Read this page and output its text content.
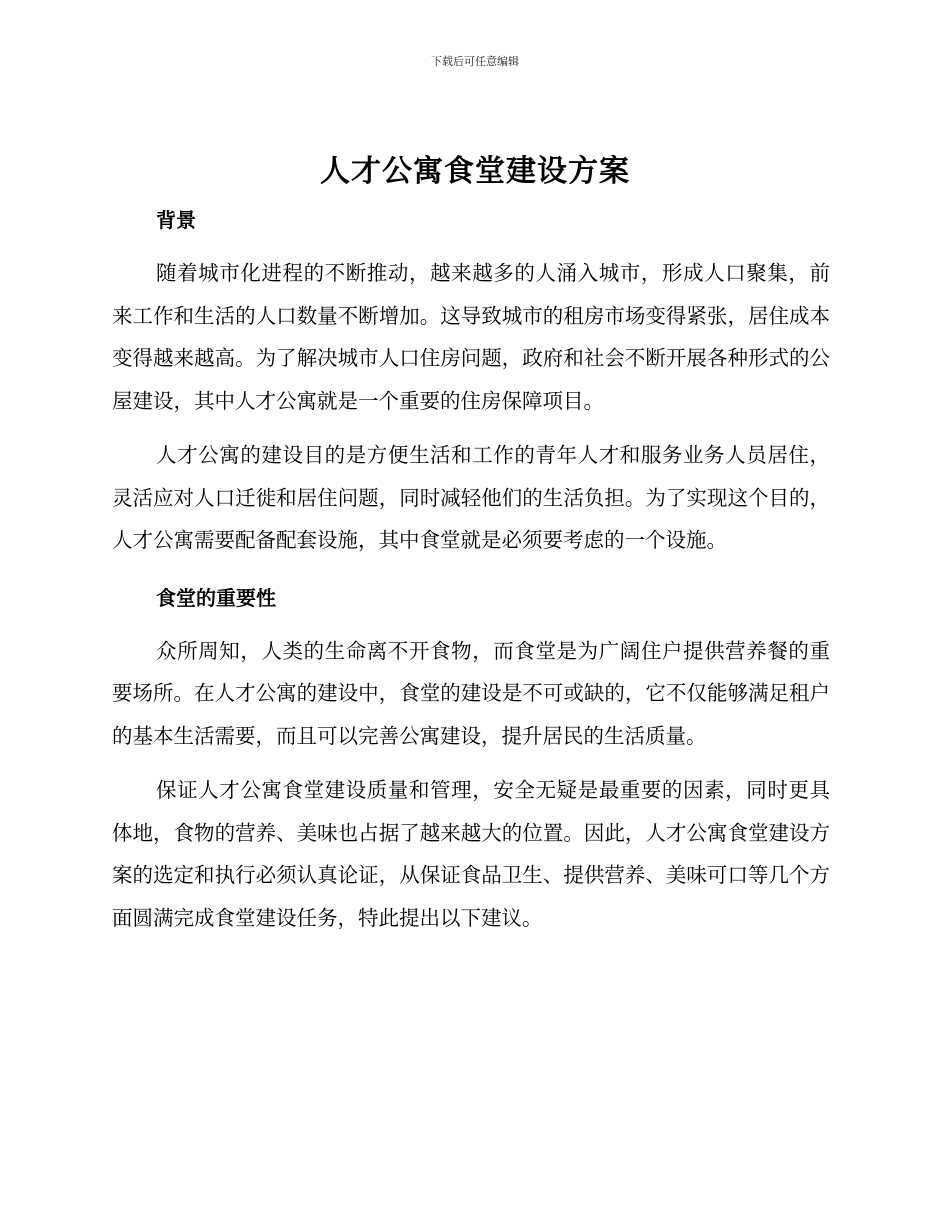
下载后可任意编辑
人才公寓食堂建设方案
背景

随着城市化进程的不断推动，越来越多的人涌入城市，形成人口聚集，前来工作和生活的人口数量不断增加。这导致城市的租房市场变得紧张，居住成本变得越来越高。为了解决城市人口住房问题，政府和社会不断开展各种形式的公屋建设，其中人才公寓就是一个重要的住房保障项目。

人才公寓的建设目的是方便生活和工作的青年人才和服务业务人员居住，灵活应对人口迁徙和居住问题，同时减轻他们的生活负担。为了实现这个目的，人才公寓需要配备配套设施，其中食堂就是必须要考虑的一个设施。

食堂的重要性

众所周知，人类的生命离不开食物，而食堂是为广阔住户提供营养餐的重要场所。在人才公寓的建设中，食堂的建设是不可或缺的，它不仅能够满足租户的基本生活需要，而且可以完善公寓建设，提升居民的生活质量。

保证人才公寓食堂建设质量和管理，安全无疑是最重要的因素，同时更具体地，食物的营养、美味也占据了越来越大的位置。因此，人才公寓食堂建设方案的选定和执行必须认真论证，从保证食品卫生、提供营养、美味可口等几个方面圆满完成食堂建设任务，特此提出以下建议。
